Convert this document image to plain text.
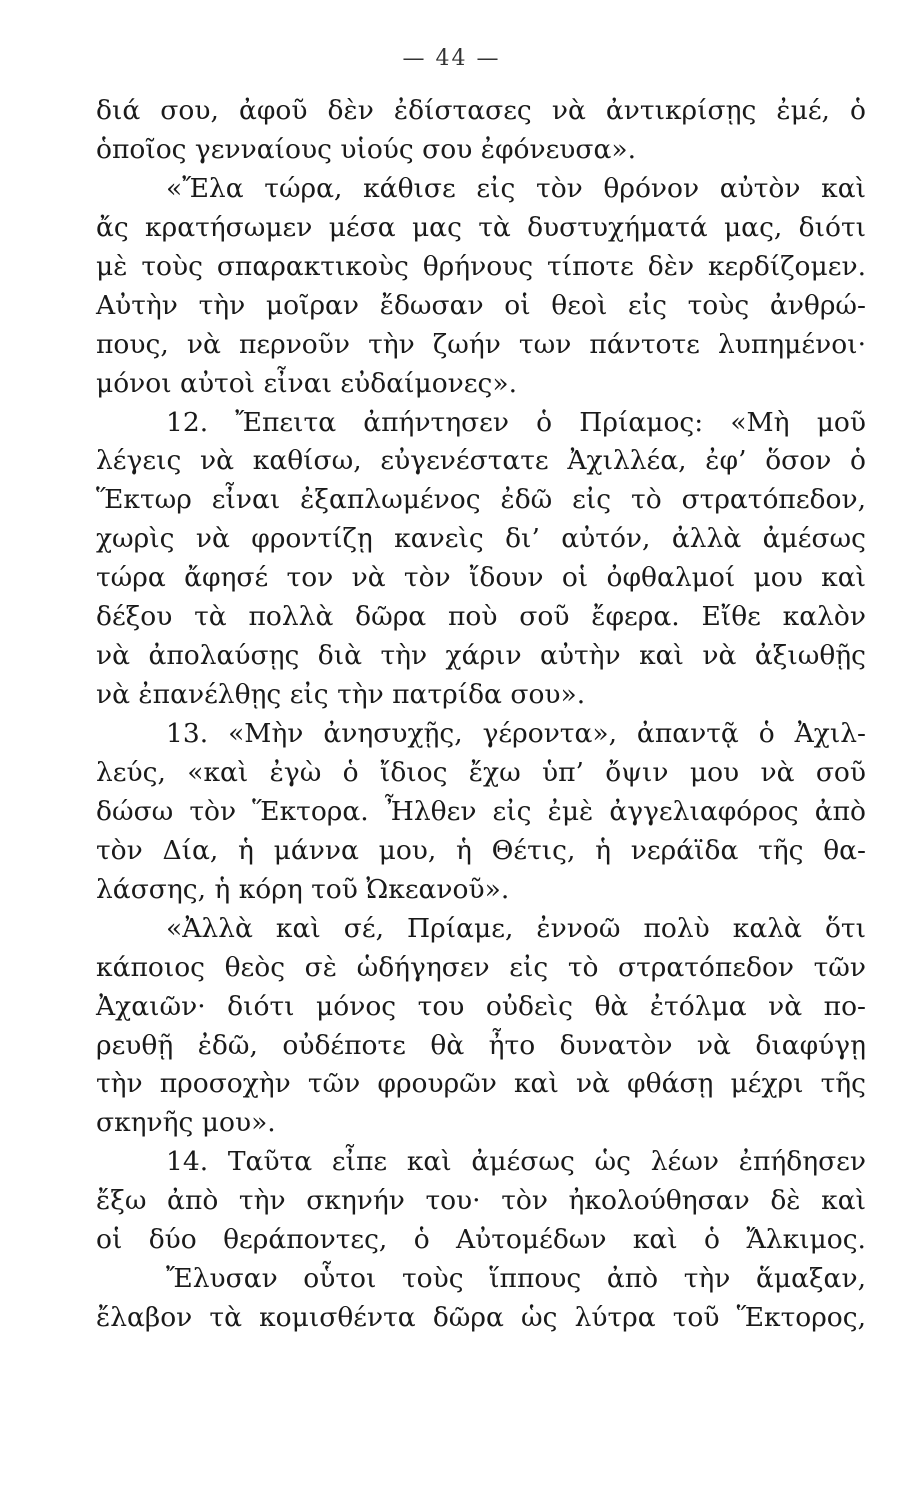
— 44 —
διά σου, ἀφοῦ δὲν ἐδίστασες νὰ ἀντικρίσῃς ἐμέ, ὁ
ὁποῖος γενναίους υἱούς σου ἐφόνευσα».
«Ἔλα τώρα, κάθισε εἰς τὸν θρόνον αὐτὸν καὶ
ἄς κρατήσωμεν μέσα μας τὰ δυστυχήματά μας, διότι
μὲ τοὺς σπαρακτικοὺς θρήνους τίποτε δὲν κερδίζομεν.
Αὐτὴν τὴν μοῖραν ἔδωσαν οἱ θεοὶ εἰς τοὺς ἀνθρώ-
πους, νὰ περνοῦν τὴν ζωήν των πάντοτε λυπημένοι·
μόνοι αὐτοὶ εἶναι εὐδαίμονες».
12. Ἔπειτα ἀπήντησεν ὁ Πρίαμος: «Μὴ μοῦ
λέγεις νὰ καθίσω, εὐγενέστατε Ἀχιλλέα, ἐφ’ ὅσον ὁ
Ἕκτωρ εἶναι ἐξαπλωμένος ἐδῶ εἰς τὸ στρατόπεδον,
χωρὶς νὰ φροντίζῃ κανεὶς δι’ αὐτόν, ἀλλὰ ἀμέσως
τώρα ἄφησέ τον νὰ τὸν ἴδουν οἱ ὀφθαλμοί μου καὶ
δέξου τὰ πολλὰ δῶρα ποὺ σοῦ ἔφερα. Εἴθε καλὸν
νὰ ἀπολαύσῃς διὰ τὴν χάριν αὐτὴν καὶ νὰ ἀξιωθῇς
νὰ ἐπανέλθῃς εἰς τὴν πατρίδα σου».
13. «Μὴν ἀνησυχῇς, γέροντα», ἀπαντᾷ ὁ Ἀχιλ-
λεύς, «καὶ ἐγὼ ὁ ἴδιος ἔχω ὑπ’ ὄψιν μου νὰ σοῦ
δώσω τὸν Ἕκτορα. Ἦλθεν εἰς ἐμὲ ἀγγελιαφόρος ἀπὸ
τὸν Δία, ἡ μάννα μου, ἡ Θέτις, ἡ νεράϊδα τῆς θα-
λάσσης, ἡ κόρη τοῦ Ὠκεανοῦ».
«Ἀλλὰ καὶ σέ, Πρίαμε, ἐννοῶ πολὺ καλὰ ὅτι
κάποιος θεὸς σὲ ὡδήγησεν εἰς τὸ στρατόπεδον τῶν
Ἀχαιῶν· διότι μόνος του οὐδεὶς θὰ ἐτόλμα νὰ πο-
ρευθῇ ἐδῶ, οὐδέποτε θὰ ἦτο δυνατὸν νὰ διαφύγῃ
τὴν προσοχὴν τῶν φρουρῶν καὶ νὰ φθάσῃ μέχρι τῆς
σκηνῆς μου».
14. Ταῦτα εἶπε καὶ ἀμέσως ὡς λέων ἐπήδησεν
ἔξω ἀπὸ τὴν σκηνήν του· τὸν ἠκολούθησαν δὲ καὶ
οἱ δύο θεράποντες, ὁ Αὐτομέδων καὶ ὁ Ἄλκιμος.
Ἔλυσαν οὗτοι τοὺς ἵππους ἀπὸ τὴν ἅμαξαν,
ἔλαβον τὰ κομισθέντα δῶρα ὡς λύτρα τοῦ Ἕκτορος,
